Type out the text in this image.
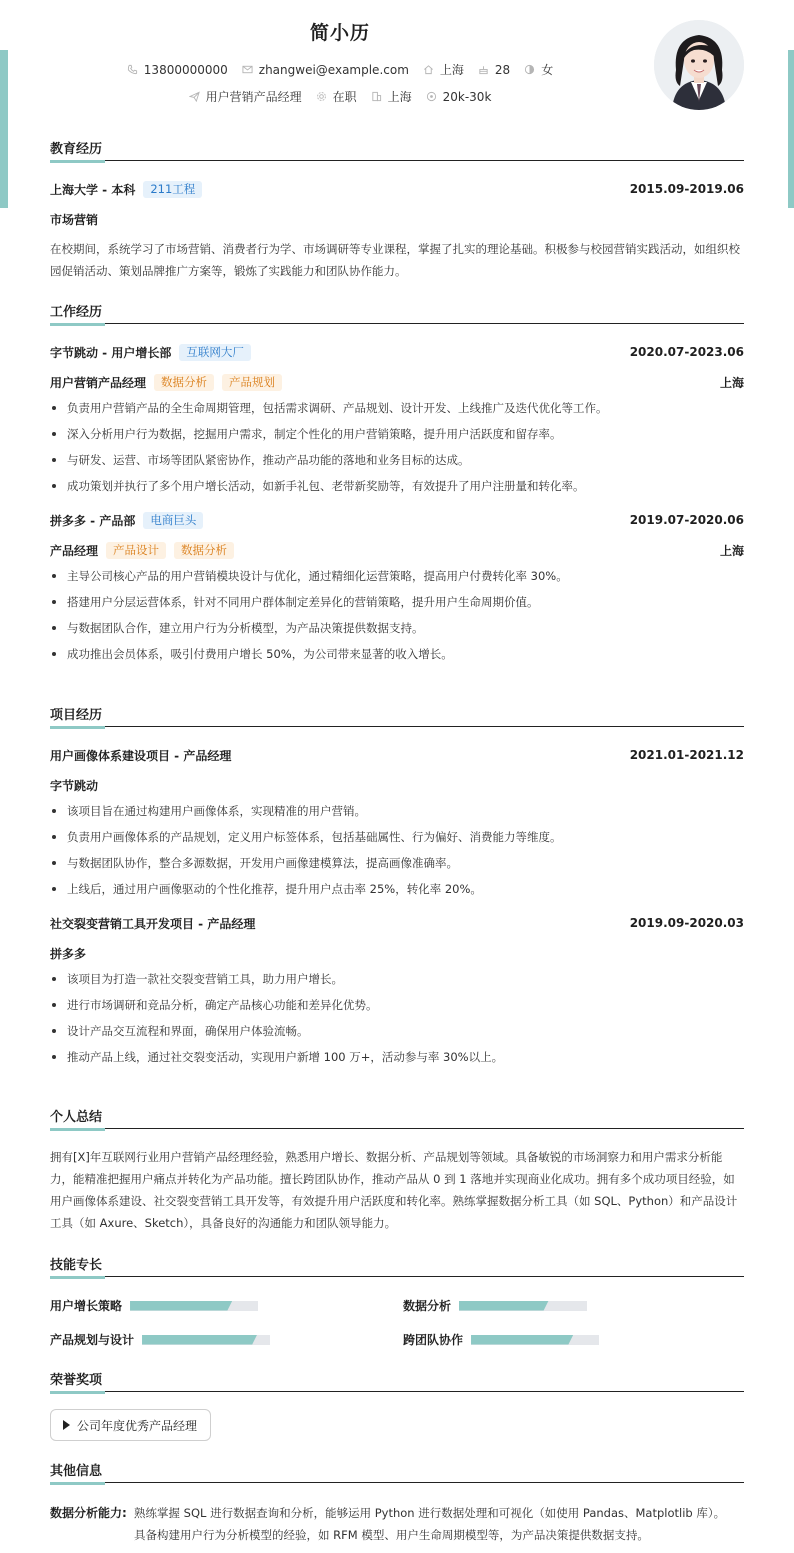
简小历
13800000000	zhangwei@example.com	上海	28	女
用户营销产品经理	在职	上海	20k-30k
教育经历
上海大学 - 本科	211工程	2015.09-2019.06
市场营销
在校期间，系统学习了市场营销、消费者行为学、市场调研等专业课程，掌握了扎实的理论基础。积极参与校园营销实践活动，如组织校园促销活动、策划品牌推广方案等，锻炼了实践能力和团队协作能力。
工作经历
字节跳动 - 用户增长部	互联网大厂	2020.07-2023.06
用户营销产品经理	数据分析	产品规划	上海
负责用户营销产品的全生命周期管理，包括需求调研、产品规划、设计开发、上线推广及迭代优化等工作。
深入分析用户行为数据，挖掘用户需求，制定个性化的用户营销策略，提升用户活跃度和留存率。
与研发、运营、市场等团队紧密协作，推动产品功能的落地和业务目标的达成。
成功策划并执行了多个用户增长活动，如新手礼包、老带新奖励等，有效提升了用户注册量和转化率。
拼多多 - 产品部	电商巨头	2019.07-2020.06
产品经理	产品设计	数据分析	上海
主导公司核心产品的用户营销模块设计与优化，通过精细化运营策略，提高用户付费转化率 30%。
搭建用户分层运营体系，针对不同用户群体制定差异化的营销策略，提升用户生命周期价值。
与数据团队合作，建立用户行为分析模型，为产品决策提供数据支持。
成功推出会员体系，吸引付费用户增长 50%，为公司带来显著的收入增长。
项目经历
用户画像体系建设项目 - 产品经理	2021.01-2021.12
字节跳动
该项目旨在通过构建用户画像体系，实现精准的用户营销。
负责用户画像体系的产品规划，定义用户标签体系，包括基础属性、行为偏好、消费能力等维度。
与数据团队协作，整合多源数据，开发用户画像建模算法，提高画像准确率。
上线后，通过用户画像驱动的个性化推荐，提升用户点击率 25%，转化率 20%。
社交裂变营销工具开发项目 - 产品经理	2019.09-2020.03
拼多多
该项目为打造一款社交裂变营销工具，助力用户增长。
进行市场调研和竞品分析，确定产品核心功能和差异化优势。
设计产品交互流程和界面，确保用户体验流畅。
推动产品上线，通过社交裂变活动，实现用户新增 100 万+，活动参与率 30%以上。
个人总结
拥有[X]年互联网行业用户营销产品经理经验，熟悉用户增长、数据分析、产品规划等领域。具备敏锐的市场洞察力和用户需求分析能力，能精准把握用户痛点并转化为产品功能。擅长跨团队协作，推动产品从 0 到 1 落地并实现商业化成功。拥有多个成功项目经验，如用户画像体系建设、社交裂变营销工具开发等，有效提升用户活跃度和转化率。熟练掌握数据分析工具（如 SQL、Python）和产品设计工具（如 Axure、Sketch），具备良好的沟通能力和团队领导能力。
技能专长
用户增长策略	数据分析
产品规划与设计	跨团队协作
荣誉奖项
公司年度优秀产品经理
其他信息
数据分析能力: 熟练掌握 SQL 进行数据查询和分析，能够运用 Python 进行数据处理和可视化（如使用 Pandas、Matplotlib 库）。
具备构建用户行为分析模型的经验，如 RFM 模型、用户生命周期模型等，为产品决策提供数据支持。
